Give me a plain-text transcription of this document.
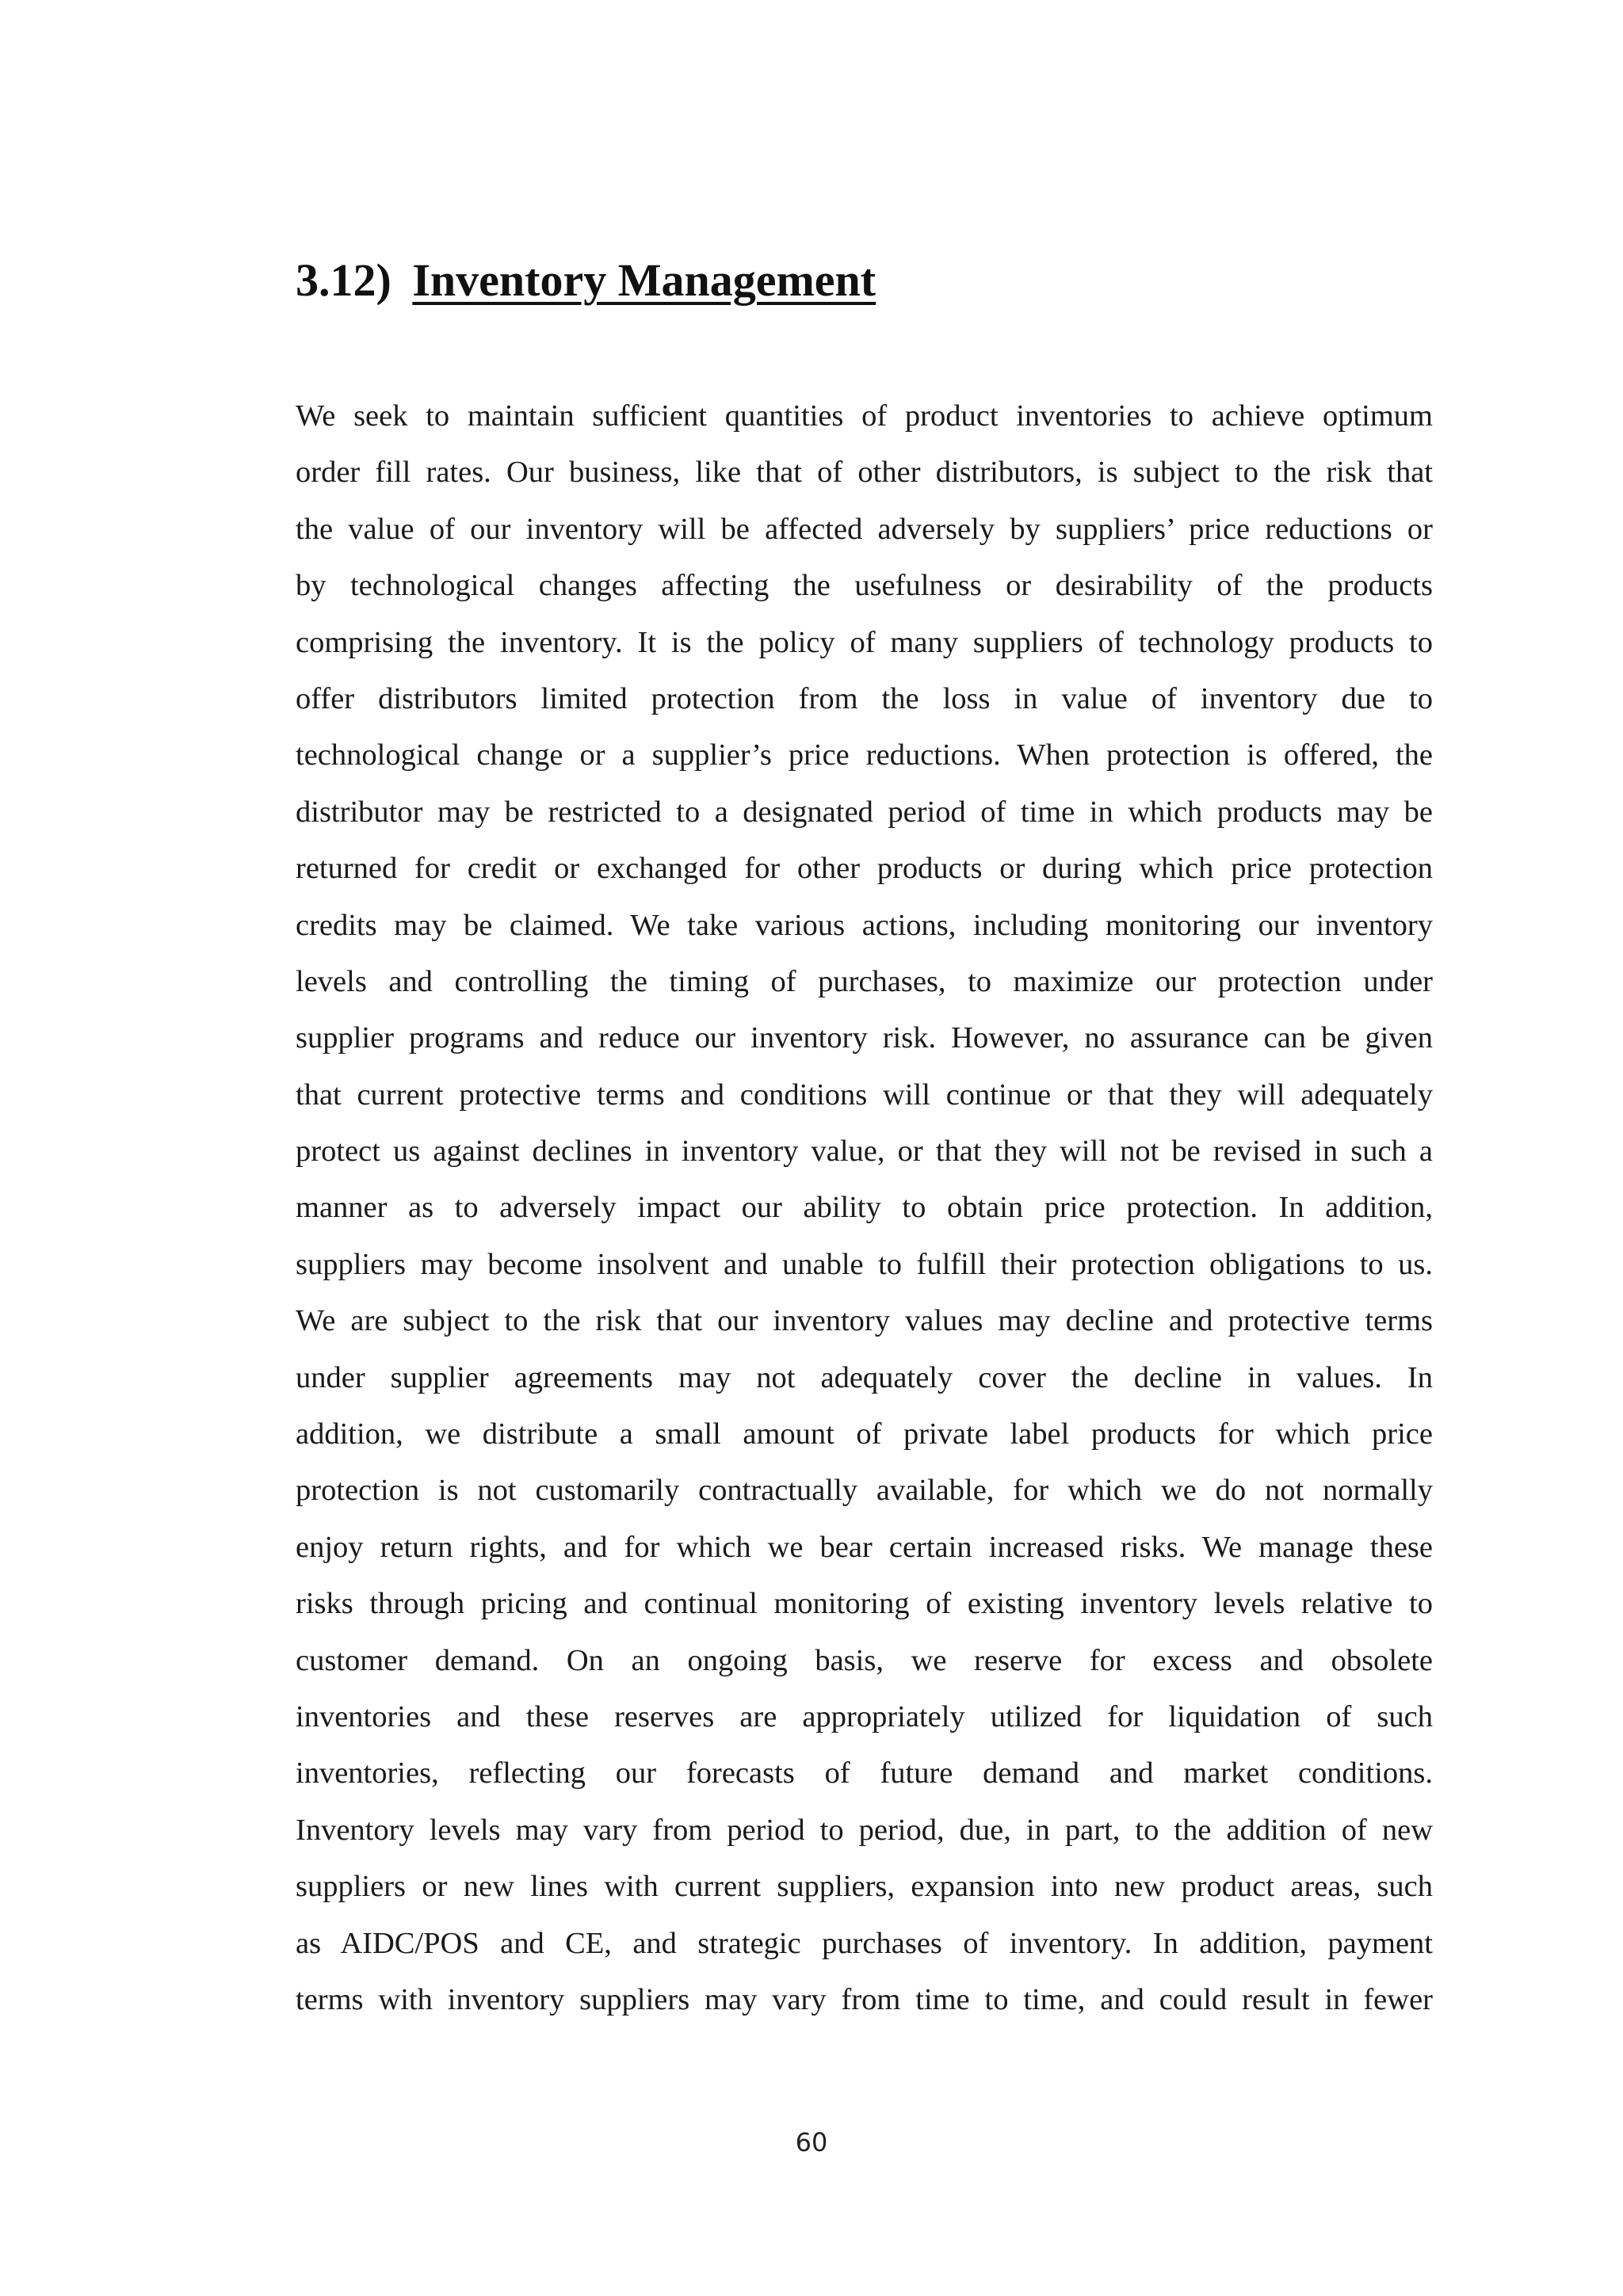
3.12) Inventory Management
We seek to maintain sufficient quantities of product inventories to achieve optimum
order fill rates. Our business, like that of other distributors, is subject to the risk that
the value of our inventory will be affected adversely by suppliers’ price reductions or
by technological changes affecting the usefulness or desirability of the products
comprising the inventory. It is the policy of many suppliers of technology products to
offer distributors limited protection from the loss in value of inventory due to
technological change or a supplier’s price reductions. When protection is offered, the
distributor may be restricted to a designated period of time in which products may be
returned for credit or exchanged for other products or during which price protection
credits may be claimed. We take various actions, including monitoring our inventory
levels and controlling the timing of purchases, to maximize our protection under
supplier programs and reduce our inventory risk. However, no assurance can be given
that current protective terms and conditions will continue or that they will adequately
protect us against declines in inventory value, or that they will not be revised in such a
manner as to adversely impact our ability to obtain price protection. In addition,
suppliers may become insolvent and unable to fulfill their protection obligations to us.
We are subject to the risk that our inventory values may decline and protective terms
under supplier agreements may not adequately cover the decline in values. In
addition, we distribute a small amount of private label products for which price
protection is not customarily contractually available, for which we do not normally
enjoy return rights, and for which we bear certain increased risks. We manage these
risks through pricing and continual monitoring of existing inventory levels relative to
customer demand. On an ongoing basis, we reserve for excess and obsolete
inventories and these reserves are appropriately utilized for liquidation of such
inventories, reflecting our forecasts of future demand and market conditions.
Inventory levels may vary from period to period, due, in part, to the addition of new
suppliers or new lines with current suppliers, expansion into new product areas, such
as AIDC/POS and CE, and strategic purchases of inventory. In addition, payment
terms with inventory suppliers may vary from time to time, and could result in fewer
60
